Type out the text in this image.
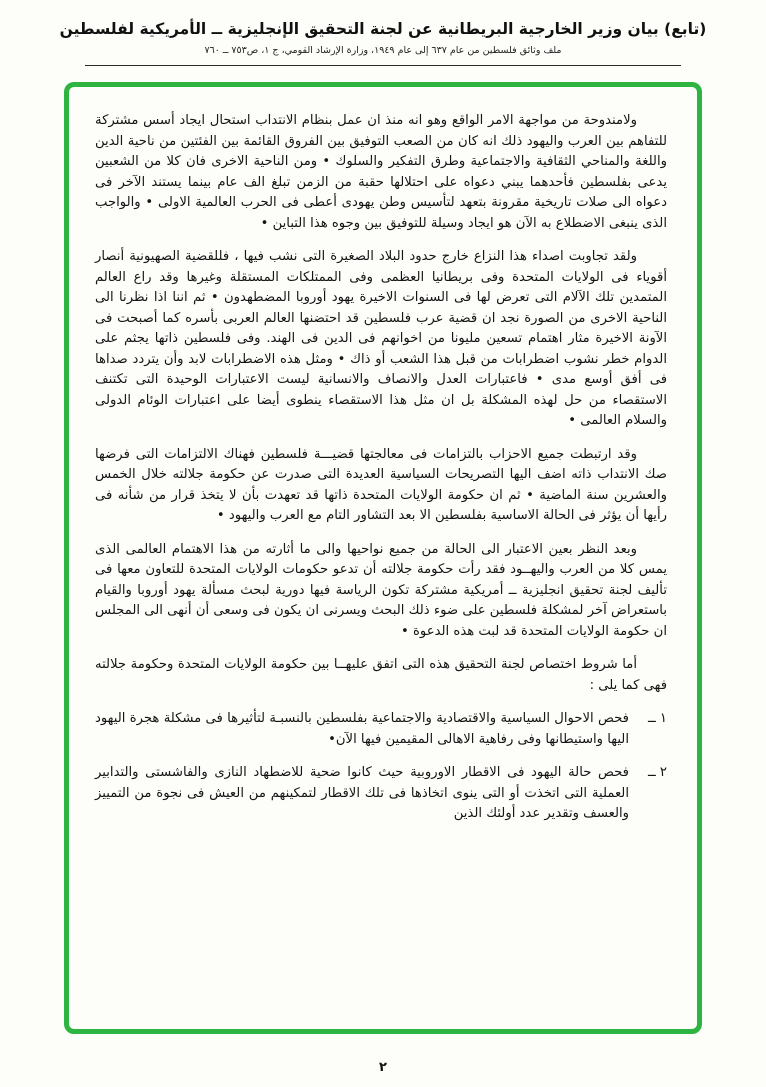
(تابع) بيان وزير الخارجية البريطانية عن لجنة التحقيق الإنجليزية ــ الأمريكية لفلسطين
ملف وثائق فلسطين من عام ٦٣٧ إلى عام ١٩٤٩، وزارة الإرشاد القومي، ج ١، ص٧٥٣ ــ ٧٦٠

ولامندوحة من مواجهة الامر الواقع وهو انه منذ ان عمل بنظام الانتداب استحال ايجاد أسس مشتركة للتفاهم بين العرب واليهود ذلك انه كان من الصعب التوفيق بين الفروق القائمة بين الفئتين من ناحية الدين واللغة والمناحي الثقافية والاجتماعية وطرق التفكير والسلوك • ومن الناحية الاخرى فان كلا من الشعبين يدعى بفلسطين فأحدهما يبني دعواه على احتلالها حقبة من الزمن تبلغ الف عام بينما يستند الآخر فى دعواه الى صلات تاريخية مقرونة بتعهد لتأسيس وطن يهودى أعطى فى الحرب العالمية الاولى • والواجب الذى ينبغى الاضطلاع به الآن هو ايجاد وسيلة للتوفيق بين وجوه هذا التباين •

ولقد تجاوبت اصداء هذا النزاع خارج حدود البلاد الصغيرة التى نشب فيها ، فللقضية الصهيونية أنصار أقوياء فى الولايات المتحدة وفى بريطانيا العظمى وفى الممتلكات المستقلة وغيرها وقد راع العالم المتمدين تلك الآلام التى تعرض لها فى السنوات الاخيرة يهود أوروبا المضطهدون • ثم اننا اذا نظرنا الى الناحية الاخرى من الصورة نجد ان قضية عرب فلسطين قد احتضنها العالم العربى بأسره كما أصبحت فى الآونة الاخيرة مثار اهتمام تسعين مليونا من اخوانهم فى الدين فى الهند. وفى فلسطين ذاتها يجثم على الدوام خطر نشوب اضطرابات من قبل هذا الشعب أو ذاك • ومثل هذه الاضطرابات لابد وأن يتردد صداها فى أفق أوسع مدى • فاعتبارات العدل والانصاف والانسانية ليست الاعتبارات الوحيدة التى تكتنف الاستقصاء من حل لهذه المشكلة بل ان مثل هذا الاستقصاء ينطوى أيضا على اعتبارات الوئام الدولى والسلام العالمى •

وقد ارتبطت جميع الاحزاب بالتزامات فى معالجتها قضيـــة فلسطين فهناك الالتزامات التى فرضها صك الانتداب ذاته اضف اليها التصريحات السياسية العديدة التى صدرت عن حكومة جلالته خلال الخمس والعشرين سنة الماضية • ثم ان حكومة الولايات المتحدة ذاتها قد تعهدت بأن لا يتخذ قرار من شأنه فى رأيها أن يؤثر فى الحالة الاساسية بفلسطين الا بعد التشاور التام مع العرب واليهود •

وبعد النظر بعين الاعتبار الى الحالة من جميع نواحيها والى ما أثارته من هذا الاهتمام العالمى الذى يمس كلا من العرب واليهــود فقد رأت حكومة جلالته أن تدعو حكومات الولايات المتحدة للتعاون معها فى تأليف لجنة تحقيق انجليزية ــ أمريكية مشتركة تكون الرياسة فيها دورية لبحث مسألة يهود أوروبا والقيام باستعراض آخر لمشكلة فلسطين على ضوء ذلك البحث ويسرنى ان يكون فى وسعى أن أنهى الى المجلس ان حكومة الولايات المتحدة قد لبت هذه الدعوة •

أما شروط اختصاص لجنة التحقيق هذه التى اتفق عليهــا بين حكومة الولايات المتحدة وحكومة جلالته فهى كما يلى :

١ ــ
فحص الاحوال السياسية والاقتصادية والاجتماعية بفلسطين بالنسبـة لتأثيرها فى مشكلة هجرة اليهود اليها واستيطانها وفى رفاهية الاهالى المقيمين فيها الآن•
٢ ــ
فحص حالة اليهود فى الاقطار الاوروبية حيث كانوا ضحية للاضطهاد النازى والفاشستى والتدابير العملية التى اتخذت أو التى ينوى اتخاذها فى تلك الاقطار لتمكينهم من العيش فى نجوة من التمييز والعسف وتقدير عدد أولئك الذين
٢
